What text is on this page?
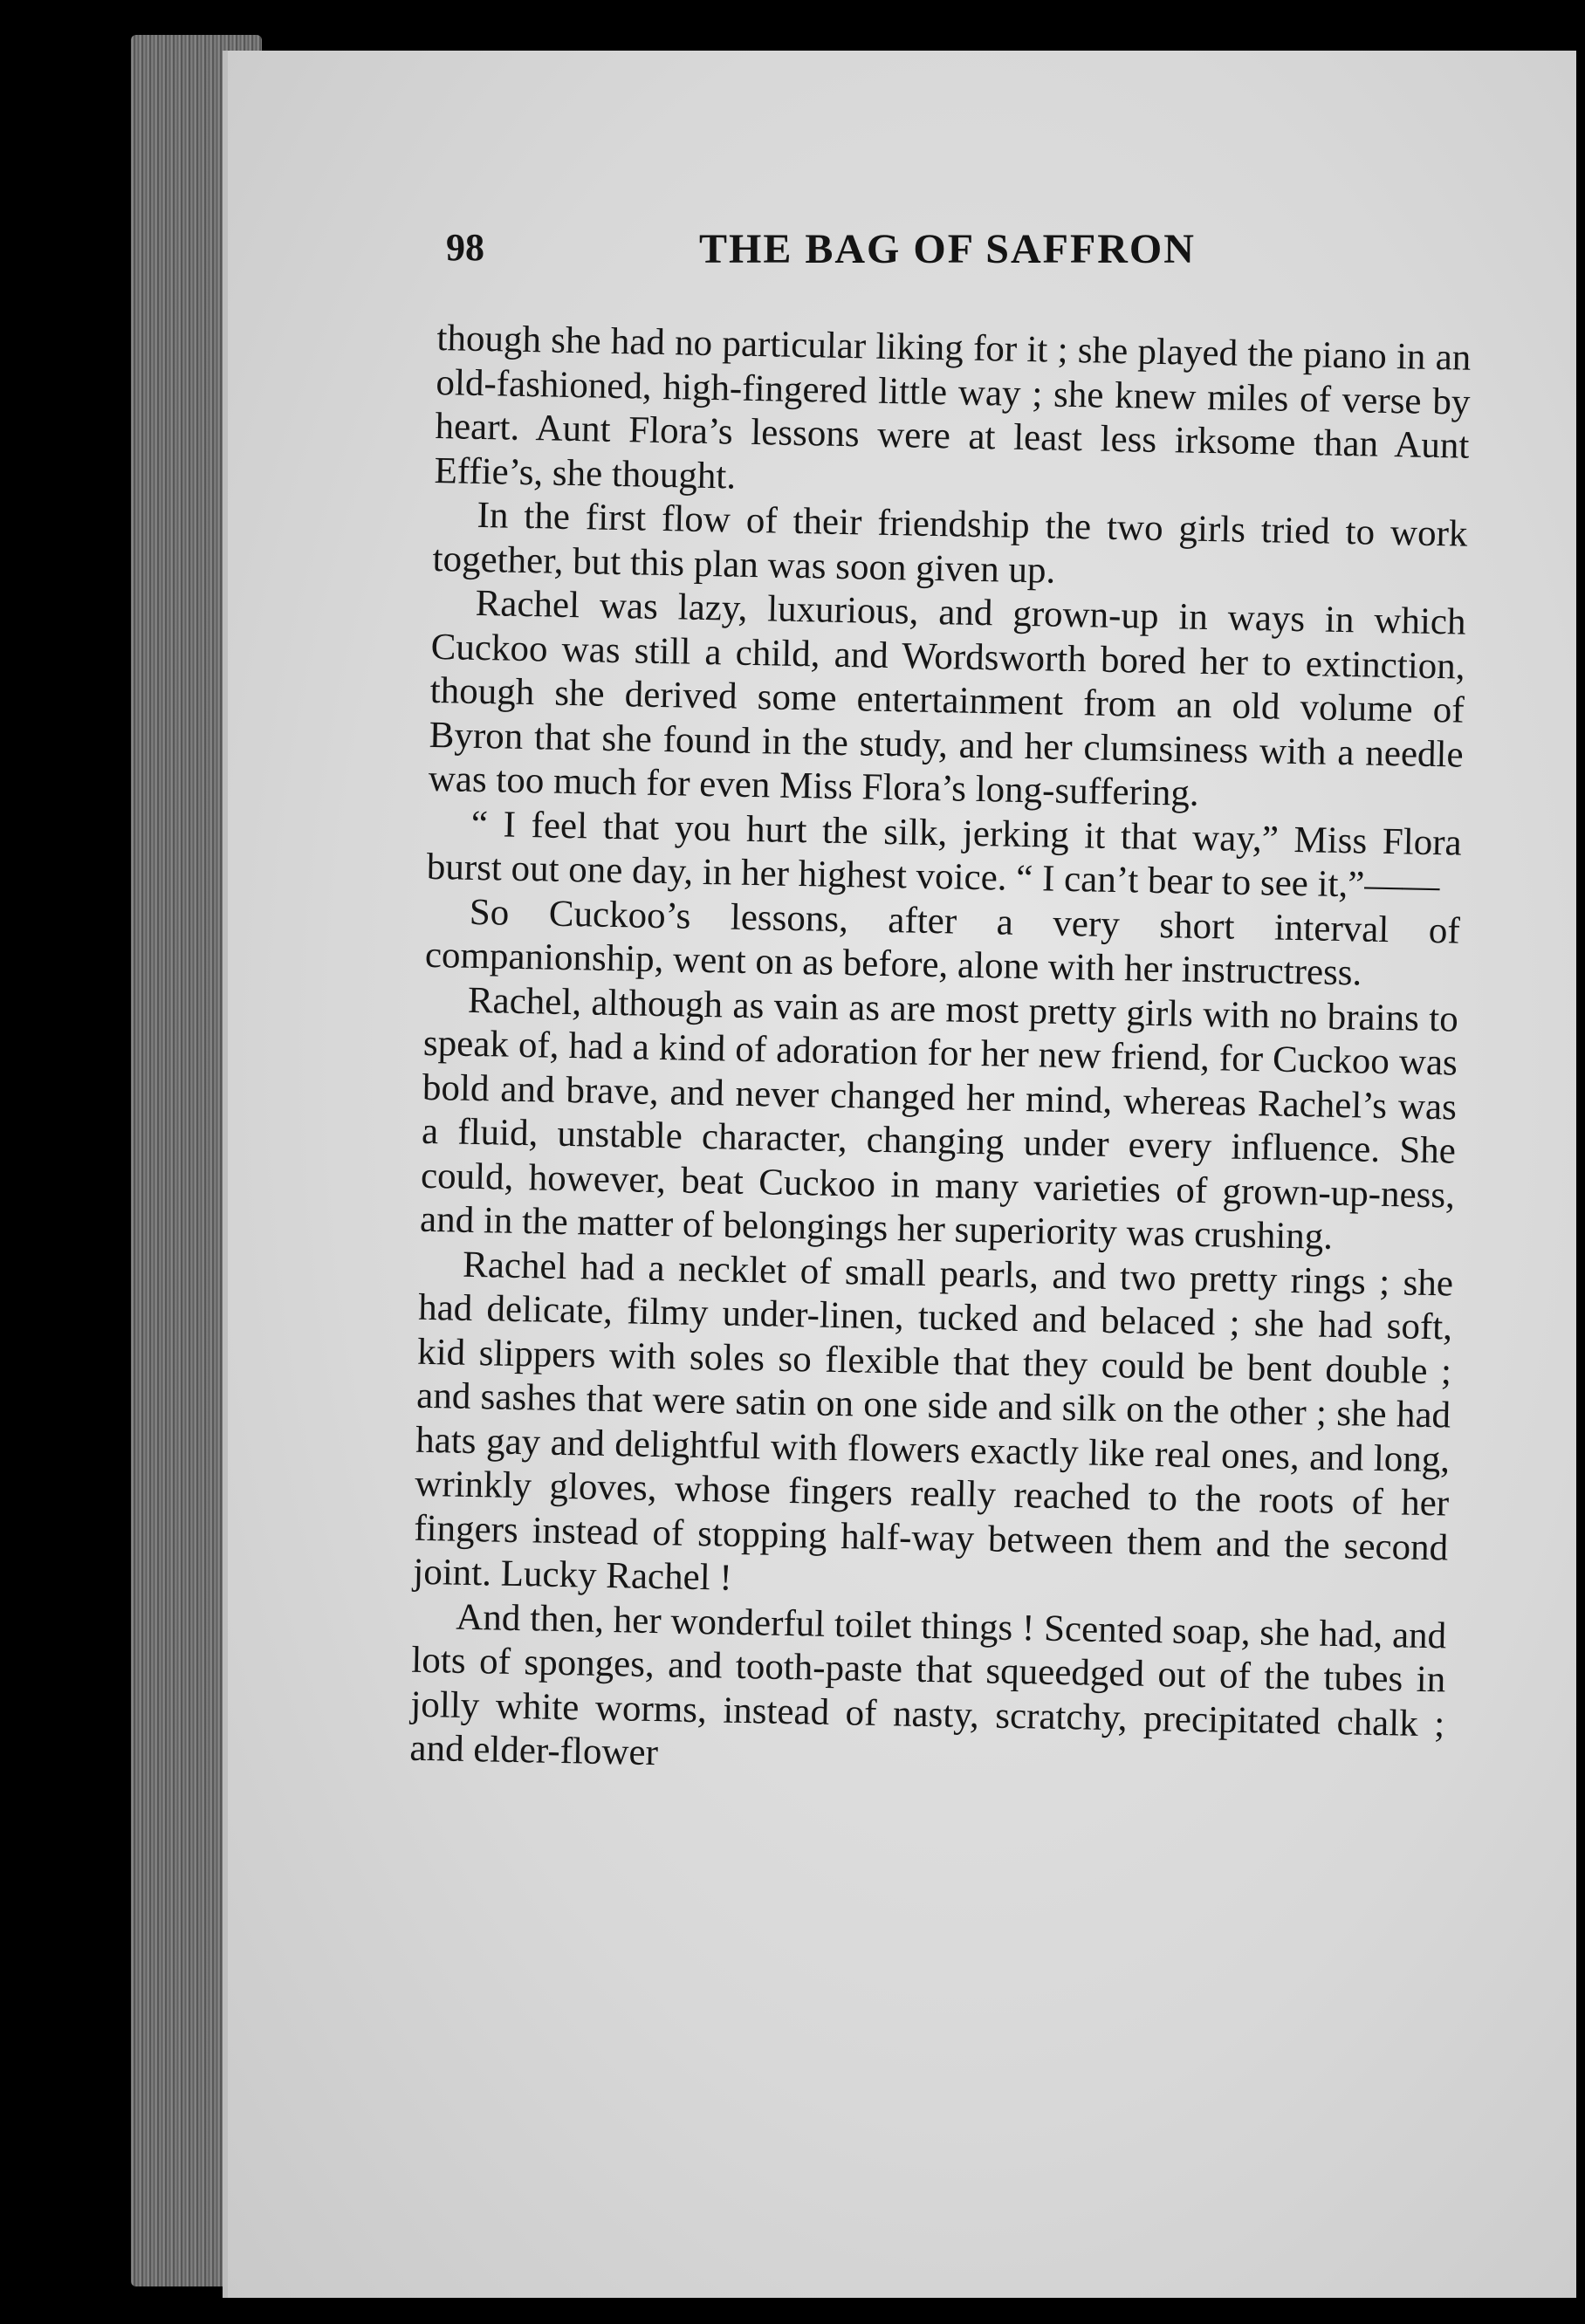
98	THE BAG OF SAFFRON

though she had no particular liking for it ; she played the piano in an old-fashioned, high-fingered little way ; she knew miles of verse by heart. Aunt Flora’s lessons were at least less irksome than Aunt Effie’s, she thought.

In the first flow of their friendship the two girls tried to work together, but this plan was soon given up.

Rachel was lazy, luxurious, and grown-up in ways in which Cuckoo was still a child, and Wordsworth bored her to extinction, though she derived some entertainment from an old volume of Byron that she found in the study, and her clumsiness with a needle was too much for even Miss Flora’s long-suffering.

“ I feel that you hurt the silk, jerking it that way,” Miss Flora burst out one day, in her highest voice. “ I can’t bear to see it,”——

So Cuckoo’s lessons, after a very short interval of companionship, went on as before, alone with her instructress.

Rachel, although as vain as are most pretty girls with no brains to speak of, had a kind of adoration for her new friend, for Cuckoo was bold and brave, and never changed her mind, whereas Rachel’s was a fluid, unstable character, changing under every influence. She could, however, beat Cuckoo in many varieties of grown-up-ness, and in the matter of belongings her superiority was crushing.

Rachel had a necklet of small pearls, and two pretty rings ; she had delicate, filmy under-linen, tucked and belaced ; she had soft, kid slippers with soles so flexible that they could be bent double ; and sashes that were satin on one side and silk on the other ; she had hats gay and delightful with flowers exactly like real ones, and long, wrinkly gloves, whose fingers really reached to the roots of her fingers instead of stopping half-way between them and the second joint. Lucky Rachel !

And then, her wonderful toilet things ! Scented soap, she had, and lots of sponges, and tooth-paste that squeedged out of the tubes in jolly white worms, instead of nasty, scratchy, precipitated chalk ; and elder-flower
